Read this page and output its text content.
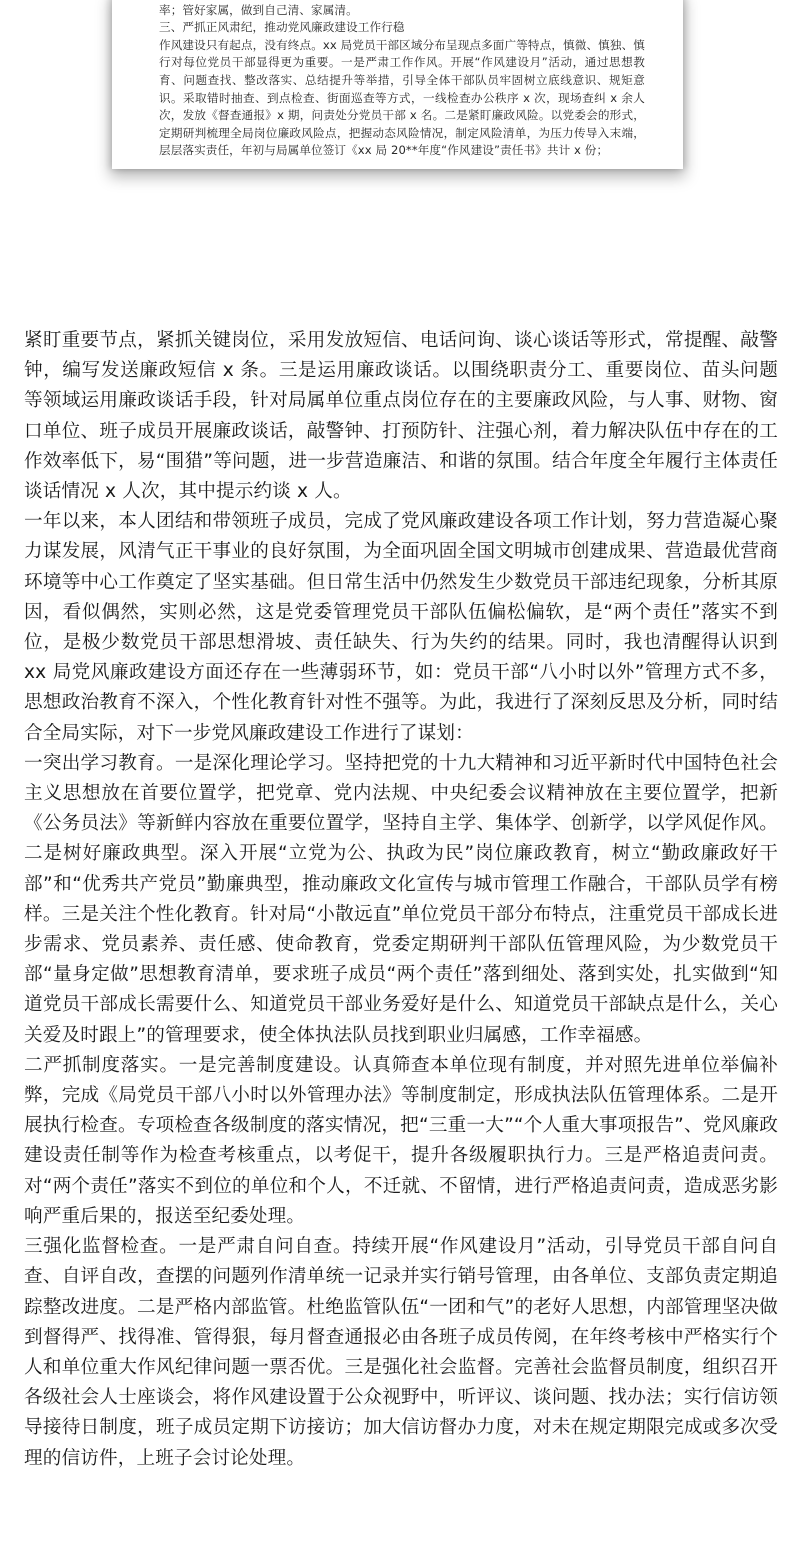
率；管好家属，做到自己清、家属清。

三、严抓正风肃纪，推动党风廉政建设工作行稳

作风建设只有起点，没有终点。xx 局党员干部区域分布呈现点多面广等特点，慎微、慎独、慎行对每位党员干部显得更为重要。一是严肃工作作风。开展“作风建设月”活动，通过思想教育、问题查找、整改落实、总结提升等举措，引导全体干部队员牢固树立底线意识、规矩意识。采取错时抽查、到点检查、街面巡查等方式，一线检查办公秩序 x 次，现场查纠 x 余人次，发放《督查通报》x 期，问责处分党员干部 x 名。二是紧盯廉政风险。以党委会的形式，定期研判梳理全局岗位廉政风险点，把握动态风险情况，制定风险清单，为压力传导入末端，层层落实责任，年初与局属单位签订《xx 局 20**年度“作风建设”责任书》共计 x 份；

紧盯重要节点，紧抓关键岗位，采用发放短信、电话问询、谈心谈话等形式，常提醒、敲警钟，编写发送廉政短信 x 条。三是运用廉政谈话。以围绕职责分工、重要岗位、苗头问题等领域运用廉政谈话手段，针对局属单位重点岗位存在的主要廉政风险，与人事、财物、窗口单位、班子成员开展廉政谈话，敲警钟、打预防针、注强心剂，着力解决队伍中存在的工作效率低下，易“围猎”等问题，进一步营造廉洁、和谐的氛围。结合年度全年履行主体责任谈话情况 x 人次，其中提示约谈 x 人。

一年以来，本人团结和带领班子成员，完成了党风廉政建设各项工作计划，努力营造凝心聚力谋发展，风清气正干事业的良好氛围，为全面巩固全国文明城市创建成果、营造最优营商环境等中心工作奠定了坚实基础。但日常生活中仍然发生少数党员干部违纪现象，分析其原因，看似偶然，实则必然，这是党委管理党员干部队伍偏松偏软，是“两个责任”落实不到位，是极少数党员干部思想滑坡、责任缺失、行为失约的结果。同时，我也清醒得认识到 xx 局党风廉政建设方面还存在一些薄弱环节，如：党员干部“八小时以外”管理方式不多，思想政治教育不深入，个性化教育针对性不强等。为此，我进行了深刻反思及分析，同时结合全局实际，对下一步党风廉政建设工作进行了谋划：

一突出学习教育。一是深化理论学习。坚持把党的十九大精神和习近平新时代中国特色社会主义思想放在首要位置学，把党章、党内法规、中央纪委会议精神放在主要位置学，把新《公务员法》等新鲜内容放在重要位置学，坚持自主学、集体学、创新学，以学风促作风。二是树好廉政典型。深入开展“立党为公、执政为民”岗位廉政教育，树立“勤政廉政好干部”和“优秀共产党员”勤廉典型，推动廉政文化宣传与城市管理工作融合，干部队员学有榜样。三是关注个性化教育。针对局“小散远直”单位党员干部分布特点，注重党员干部成长进步需求、党员素养、责任感、使命教育，党委定期研判干部队伍管理风险，为少数党员干部“量身定做”思想教育清单，要求班子成员“两个责任”落到细处、落到实处，扎实做到“知道党员干部成长需要什么、知道党员干部业务爱好是什么、知道党员干部缺点是什么，关心关爱及时跟上”的管理要求，使全体执法队员找到职业归属感，工作幸福感。

二严抓制度落实。一是完善制度建设。认真筛查本单位现有制度，并对照先进单位举偏补弊，完成《局党员干部八小时以外管理办法》等制度制定，形成执法队伍管理体系。二是开展执行检查。专项检查各级制度的落实情况，把“三重一大”“个人重大事项报告”、党风廉政建设责任制等作为检查考核重点，以考促干，提升各级履职执行力。三是严格追责问责。对“两个责任”落实不到位的单位和个人，不迁就、不留情，进行严格追责问责，造成恶劣影响严重后果的，报送至纪委处理。

三强化监督检查。一是严肃自问自查。持续开展“作风建设月”活动，引导党员干部自问自查、自评自改，查摆的问题列作清单统一记录并实行销号管理，由各单位、支部负责定期追踪整改进度。二是严格内部监管。杜绝监管队伍“一团和气”的老好人思想，内部管理坚决做到督得严、找得准、管得狠，每月督查通报必由各班子成员传阅，在年终考核中严格实行个人和单位重大作风纪律问题一票否优。三是强化社会监督。完善社会监督员制度，组织召开各级社会人士座谈会，将作风建设置于公众视野中，听评议、谈问题、找办法；实行信访领导接待日制度，班子成员定期下访接访；加大信访督办力度，对未在规定期限完成或多次受理的信访件，上班子会讨论处理。
